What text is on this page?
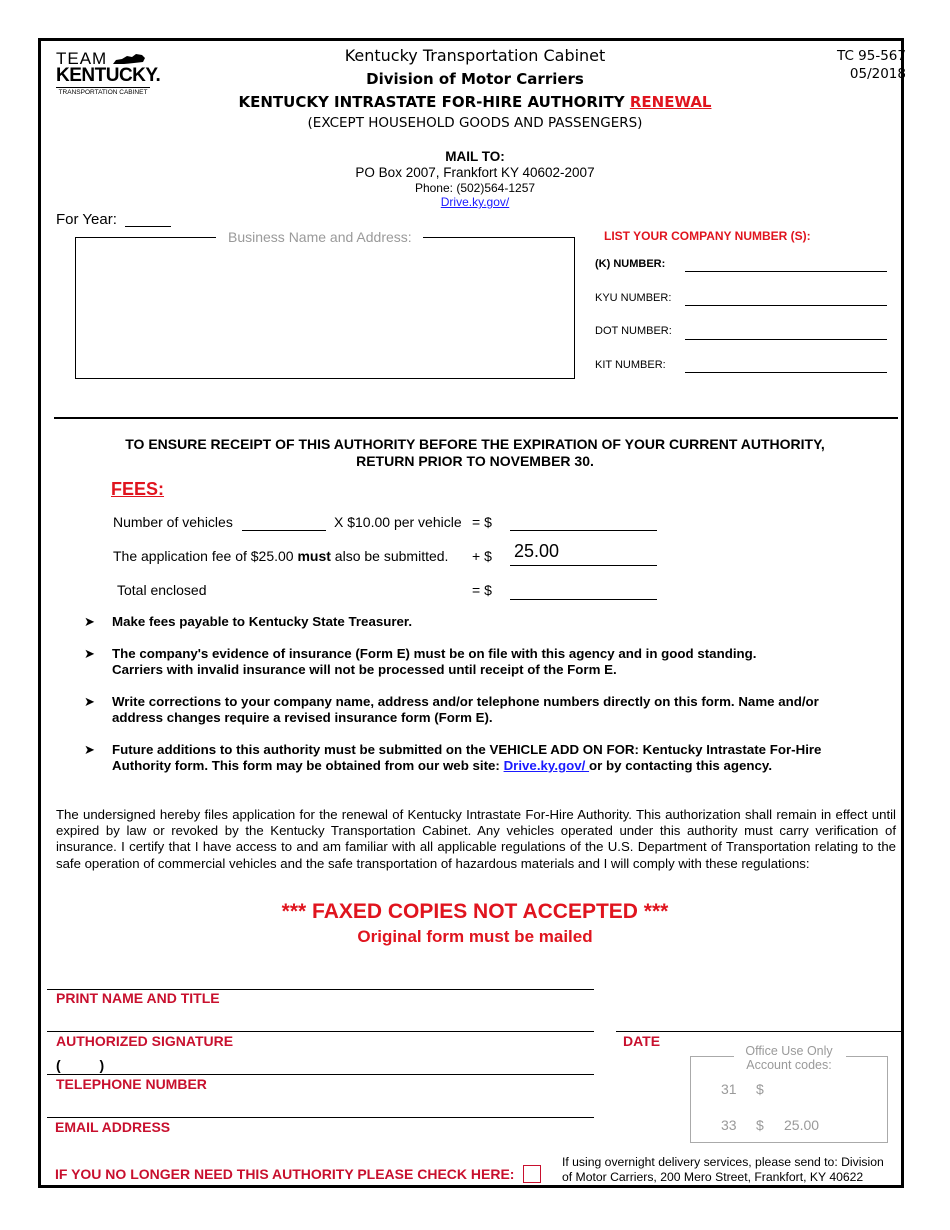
TEAM
KENTUCKY.
TRANSPORTATION CABINET
Kentucky Transportation Cabinet
Division of Motor Carriers
KENTUCKY INTRASTATE FOR-HIRE AUTHORITY RENEWAL
(EXCEPT HOUSEHOLD GOODS AND PASSENGERS)
TC 95-567
05/2018
MAIL TO:
PO Box 2007, Frankfort KY 40602-2007
Phone: (502)564-1257
Drive.ky.gov/
For Year:
Business Name and Address:	LIST YOUR COMPANY NUMBER (S):
(K) NUMBER:
KYU NUMBER:
DOT NUMBER:
KIT NUMBER:
TO ENSURE RECEIPT OF THIS AUTHORITY BEFORE THE EXPIRATION OF YOUR CURRENT AUTHORITY,
RETURN PRIOR TO NOVEMBER 30.
FEES:
Number of vehicles	X $10.00 per vehicle = $
The application fee of $25.00 must also be submitted. + $ 25.00
Total enclosed	= $
➤ Make fees payable to Kentucky State Treasurer.
➤ The company's evidence of insurance (Form E) must be on file with this agency and in good standing.
Carriers with invalid insurance will not be processed until receipt of the Form E.
➤ Write corrections to your company name, address and/or telephone numbers directly on this form. Name and/or
address changes require a revised insurance form (Form E).
➤ Future additions to this authority must be submitted on the VEHICLE ADD ON FOR: Kentucky Intrastate For-Hire
Authority form. This form may be obtained from our web site: Drive.ky.gov/ or by contacting this agency.
The undersigned hereby files application for the renewal of Kentucky Intrastate For-Hire Authority. This authorization shall remain in effect until expired by law or revoked by the Kentucky Transportation Cabinet. Any vehicles operated under this authority must carry verification of insurance. I certify that I have access to and am familiar with all applicable regulations of the U.S. Department of Transportation relating to the safe operation of commercial vehicles and the safe transportation of hazardous materials and I will comply with these regulations:
*** FAXED COPIES NOT ACCEPTED ***
Original form must be mailed
PRINT NAME AND TITLE
AUTHORIZED SIGNATURE	DATE
(          )
TELEPHONE NUMBER
EMAIL ADDRESS
IF YOU NO LONGER NEED THIS AUTHORITY PLEASE CHECK HERE:
Office Use Only
Account codes:
31 $
33 $ 25.00
If using overnight delivery services, please send to: Division
of Motor Carriers, 200 Mero Street, Frankfort, KY 40622
